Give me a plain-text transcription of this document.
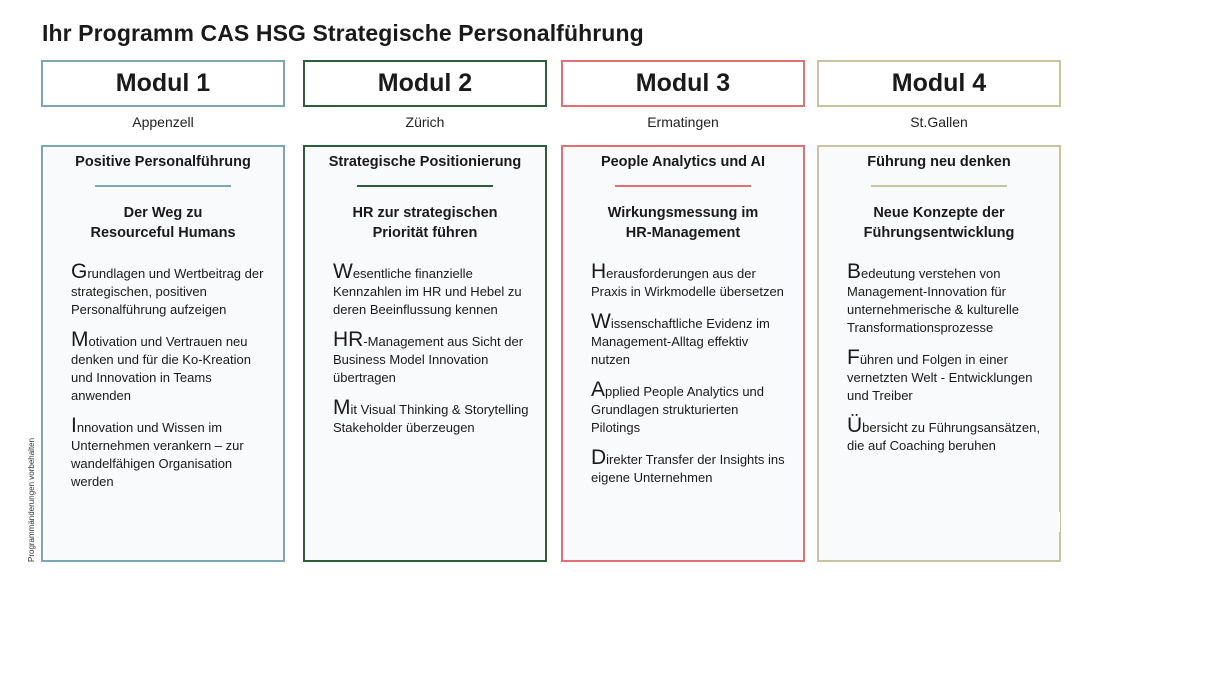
Ihr Programm CAS HSG Strategische Personalführung
Programmänderungen vorbehalten
Modul 1
Appenzell
Positive Personalführung
Der Weg zu
Resourceful Humans
Grundlagen und Wertbeitrag der strategischen, positiven Personalführung aufzeigen
Motivation und Vertrauen neu denken und für die Ko-Kreation und Innovation in Teams anwenden
Innovation und Wissen im Unternehmen verankern – zur wandelfähigen Organisation werden
Modul 2
Zürich
Strategische Positionierung
HR zur strategischen
Priorität führen
Wesentliche finanzielle Kennzahlen im HR und Hebel zu deren Beeinflussung kennen
HR-Management aus Sicht der Business Model Innovation übertragen
Mit Visual Thinking & Storytelling Stakeholder überzeugen
Modul 3
Ermatingen
People Analytics und AI
Wirkungsmessung im
HR-Management
Herausforderungen aus der Praxis in Wirkmodelle übersetzen
Wissenschaftliche Evidenz im Management-Alltag effektiv nutzen
Applied People Analytics und Grundlagen strukturierten Pilotings
Direkter Transfer der Insights ins eigene Unternehmen
Modul 4
St.Gallen
Führung neu denken
Neue Konzepte der
Führungsentwicklung
Bedeutung verstehen von Management-Innovation für unternehmerische & kulturelle Transformationsprozesse
Führen und Folgen in einer vernetzten Welt - Entwicklungen und Treiber
Übersicht zu Führungsansätzen, die auf Coaching beruhen
